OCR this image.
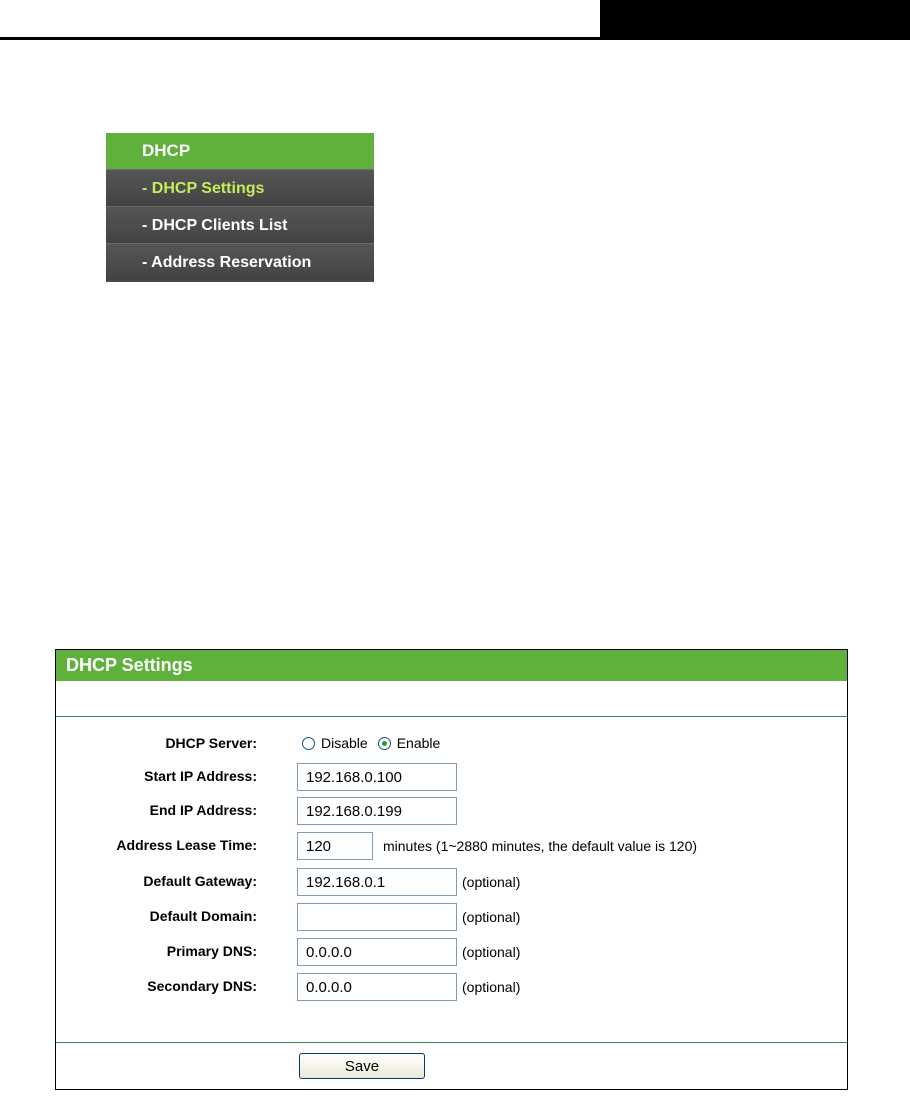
DHCP
- DHCP Settings
- DHCP Clients List
- Address Reservation
DHCP Settings
DHCP Server:	Disable Enable
Start IP Address:
192.168.0.100
End IP Address:
192.168.0.199
Address Lease Time:
120	minutes (1~2880 minutes, the default value is 120)
Default Gateway:
192.168.0.1	(optional)
Default Domain:	(optional)
Primary DNS:
0.0.0.0	(optional)
Secondary DNS:
0.0.0.0	(optional)
Save
